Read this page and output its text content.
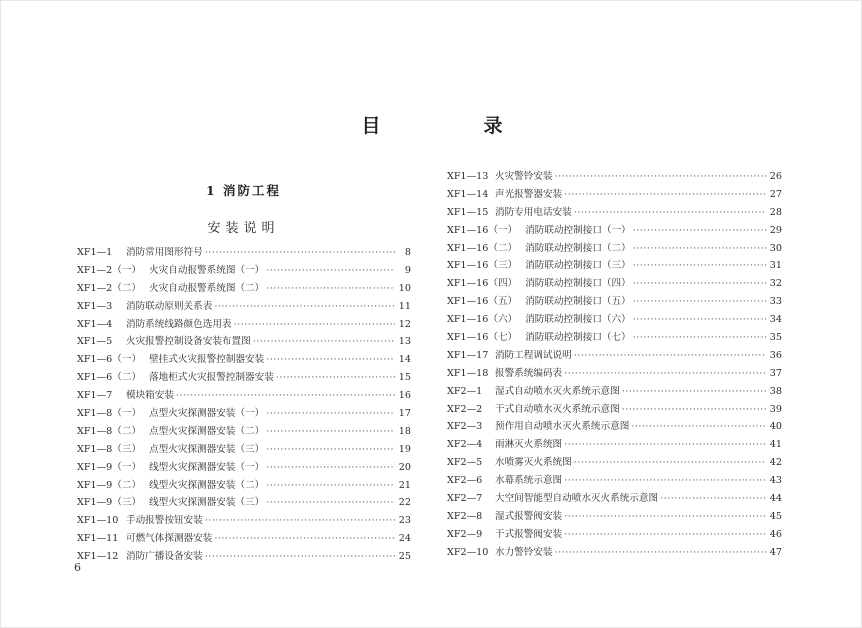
目　录
1 消防工程
安装说明
XF1—1	消防常用图形符号 ·····	8
XF1—2（一） 火灾自动报警系统图（一） ·····	9
XF1—2（二） 火灾自动报警系统图（二） ·····	10
XF1—3	消防联动原则关系表 ·····	11
XF1—4	消防系统线路颜色选用表 ·····	12
XF1—5	火灾报警控制设备安装布置图 ·····	13
XF1—6（一） 壁挂式火灾报警控制器安装 ·····	14
XF1—6（二） 落地柜式火灾报警控制器安装 ·····	15
XF1—7	模块箱安装 ·····	16
XF1—8（一） 点型火灾探测器安装（一） ·····	17
XF1—8（二） 点型火灾探测器安装（二） ·····	18
XF1—8（三） 点型火灾探测器安装（三） ·····	19
XF1—9（一） 线型火灾探测器安装（一） ·····	20
XF1—9（二） 线型火灾探测器安装（二） ·····	21
XF1—9（三） 线型火灾探测器安装（三） ·····	22
XF1—10 手动报警按钮安装 ·····	23
XF1—11 可燃气体探测器安装 ·····	24
XF1—12 消防广播设备安装 ·····	25
XF1—13 火灾警铃安装 ·····	26
XF1—14 声光报警器安装 ·····	27
XF1—15 消防专用电话安装 ·····	28
XF1—16（一） 消防联动控制接口（一） ·····	29
XF1—16（二） 消防联动控制接口（二） ·····	30
XF1—16（三） 消防联动控制接口（三） ·····	31
XF1—16（四） 消防联动控制接口（四） ·····	32
XF1—16（五） 消防联动控制接口（五） ·····	33
XF1—16（六） 消防联动控制接口（六） ·····	34
XF1—16（七） 消防联动控制接口（七） ·····	35
XF1—17 消防工程调试说明 ·····	36
XF1—18 报警系统编码表 ·····	37
XF2—1	湿式自动喷水灭火系统示意图 ·····	38
XF2—2	干式自动喷水灭火系统示意图 ·····	39
XF2—3	预作用自动喷水灭火系统示意图 ·····	40
XF2—4	雨淋灭火系统图 ·····	41
XF2—5	水喷雾灭火系统图 ·····	42
XF2—6	水幕系统示意图 ·····	43
XF2—7	大空间智能型自动喷水灭火系统示意图 ·····	44
XF2—8	湿式报警阀安装 ·····	45
XF2—9	干式报警阀安装 ·····	46
XF2—10 水力警铃安装 ·····	47
6
